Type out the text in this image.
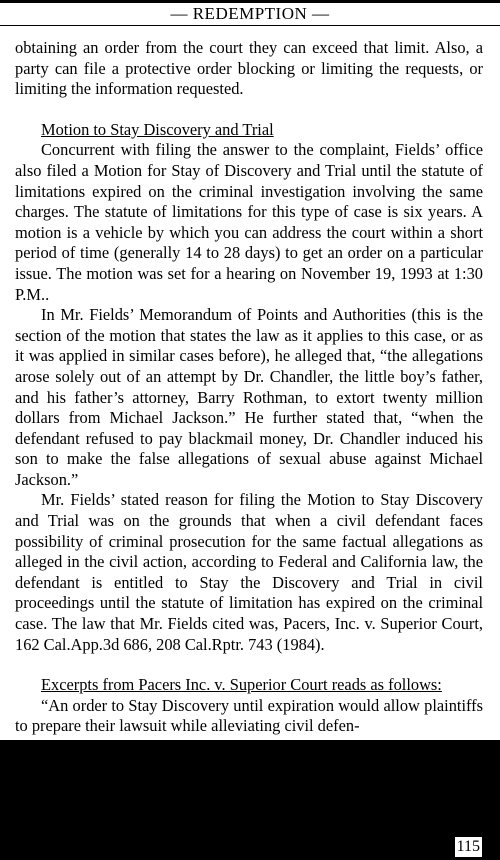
— REDEMPTION —

obtaining an order from the court they can exceed that limit. Also, a party can file a protective order blocking or limiting the requests, or limiting the information requested.

Motion to Stay Discovery and Trial

Concurrent with filing the answer to the complaint, Fields’ office also filed a Motion for Stay of Discovery and Trial until the statute of limitations expired on the criminal investigation involving the same charges. The statute of limitations for this type of case is six years. A motion is a vehicle by which you can address the court within a short period of time (generally 14 to 28 days) to get an order on a particular issue. The motion was set for a hearing on November 19, 1993 at 1:30 P.M..

In Mr. Fields’ Memorandum of Points and Authorities (this is the section of the motion that states the law as it applies to this case, or as it was applied in similar cases before), he alleged that, “the allegations arose solely out of an attempt by Dr. Chandler, the little boy’s father, and his father’s attorney, Barry Rothman, to extort twenty million dollars from Michael Jackson.” He further stated that, “when the defendant refused to pay blackmail money, Dr. Chandler induced his son to make the false allegations of sexual abuse against Michael Jackson.”

Mr. Fields’ stated reason for filing the Motion to Stay Discovery and Trial was on the grounds that when a civil defendant faces possibility of criminal prosecution for the same factual allegations as alleged in the civil action, according to Federal and California law, the defendant is entitled to Stay the Discovery and Trial in civil proceedings until the statute of limitation has expired on the criminal case. The law that Mr. Fields cited was, Pacers, Inc. v. Superior Court, 162 Cal.App.3d 686, 208 Cal.Rptr. 743 (1984).

Excerpts from Pacers Inc. v. Superior Court reads as follows:

“An order to Stay Discovery until expiration would allow plaintiffs to prepare their lawsuit while alleviating civil defen-

115
